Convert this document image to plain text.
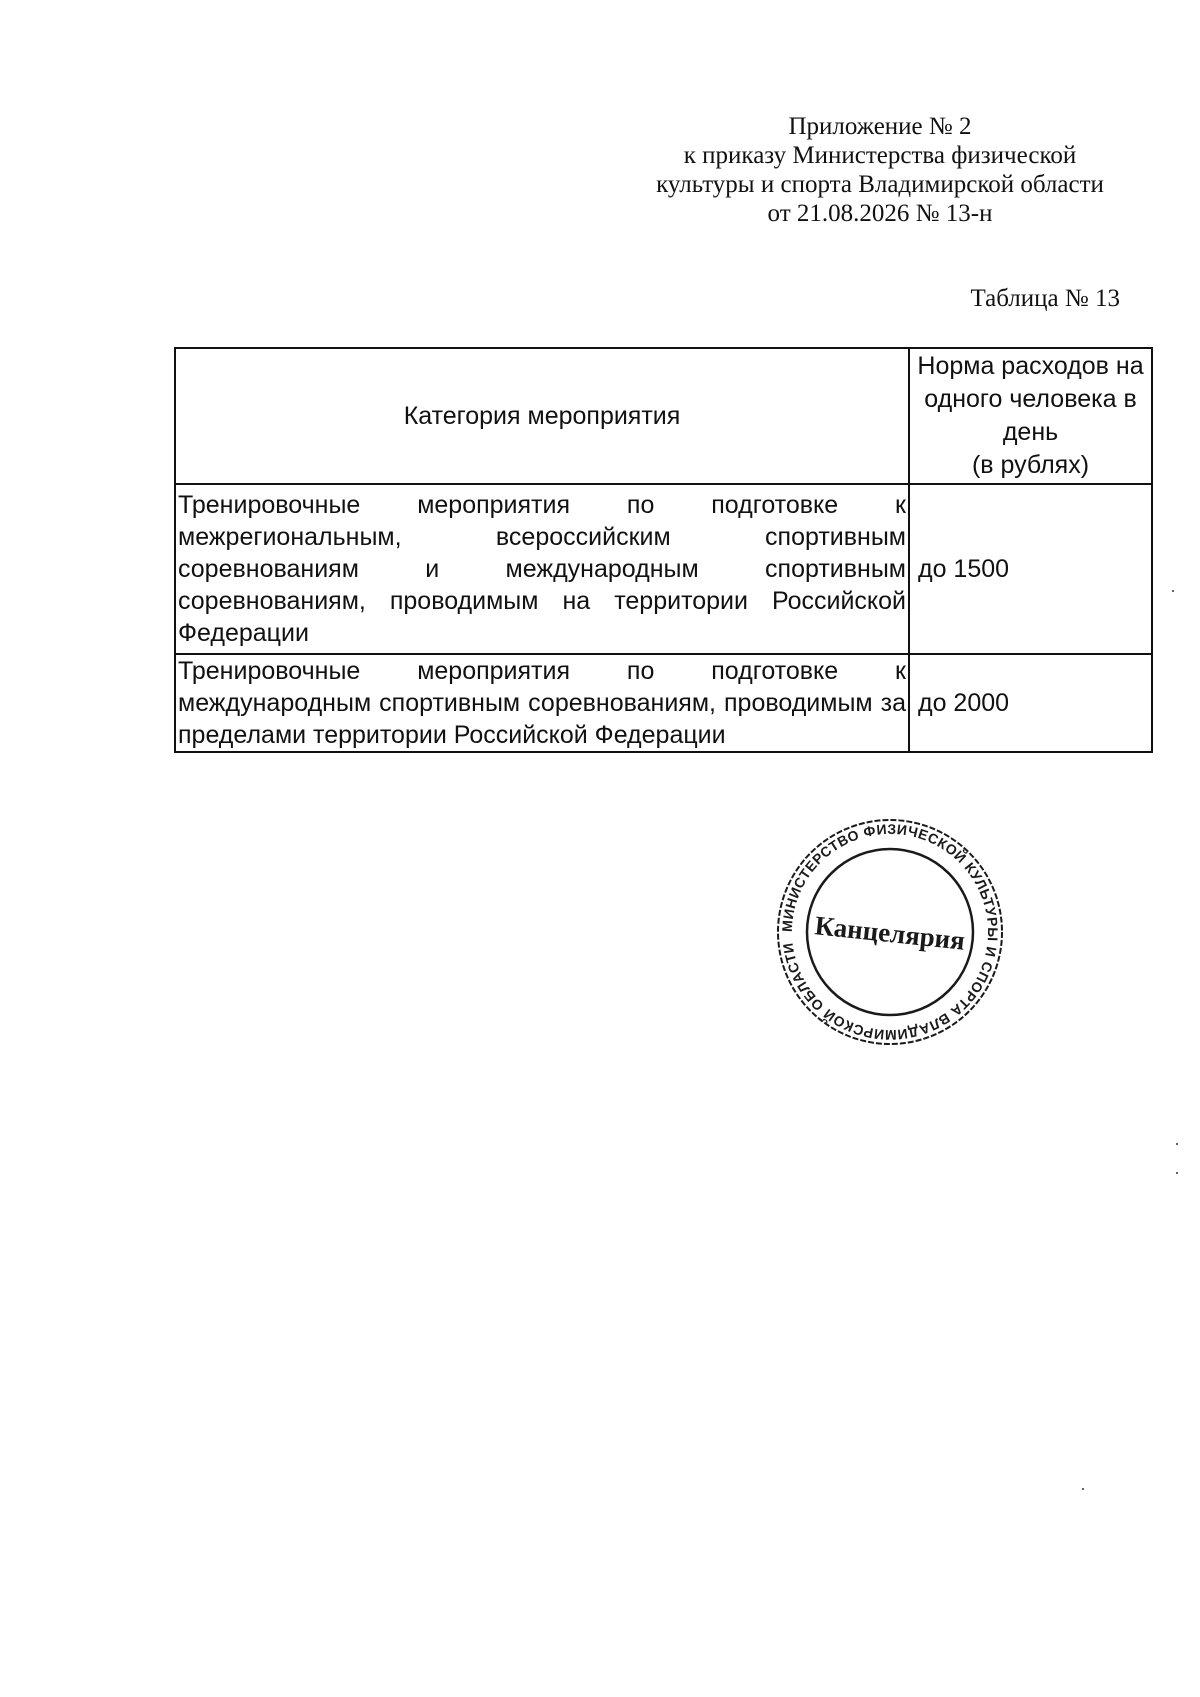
Приложение № 2
к приказу Министерства физической
культуры и спорта Владимирской области
от 21.08.2026 № 13-н
Таблица № 13
Категория мероприятия	Норма расходов на
одного человека в
день
(в рублях)

Тренировочные мероприятия по подготовке к межрегиональным, всероссийским спортивным соревнованиям и международным спортивным соревнованиям, проводимым на территории Российской Федерации	до 1500
Тренировочные мероприятия по подготовке к международным спортивным соревнованиям, проводимым за пределами территории Российской Федерации	до 2000
МИНИСТЕРСТВО ФИЗИЧЕСКОЙ КУЛЬТУРЫ И СПОРТА ВЛАДИМИРСКОЙ ОБЛАСТИ Канцелярия
